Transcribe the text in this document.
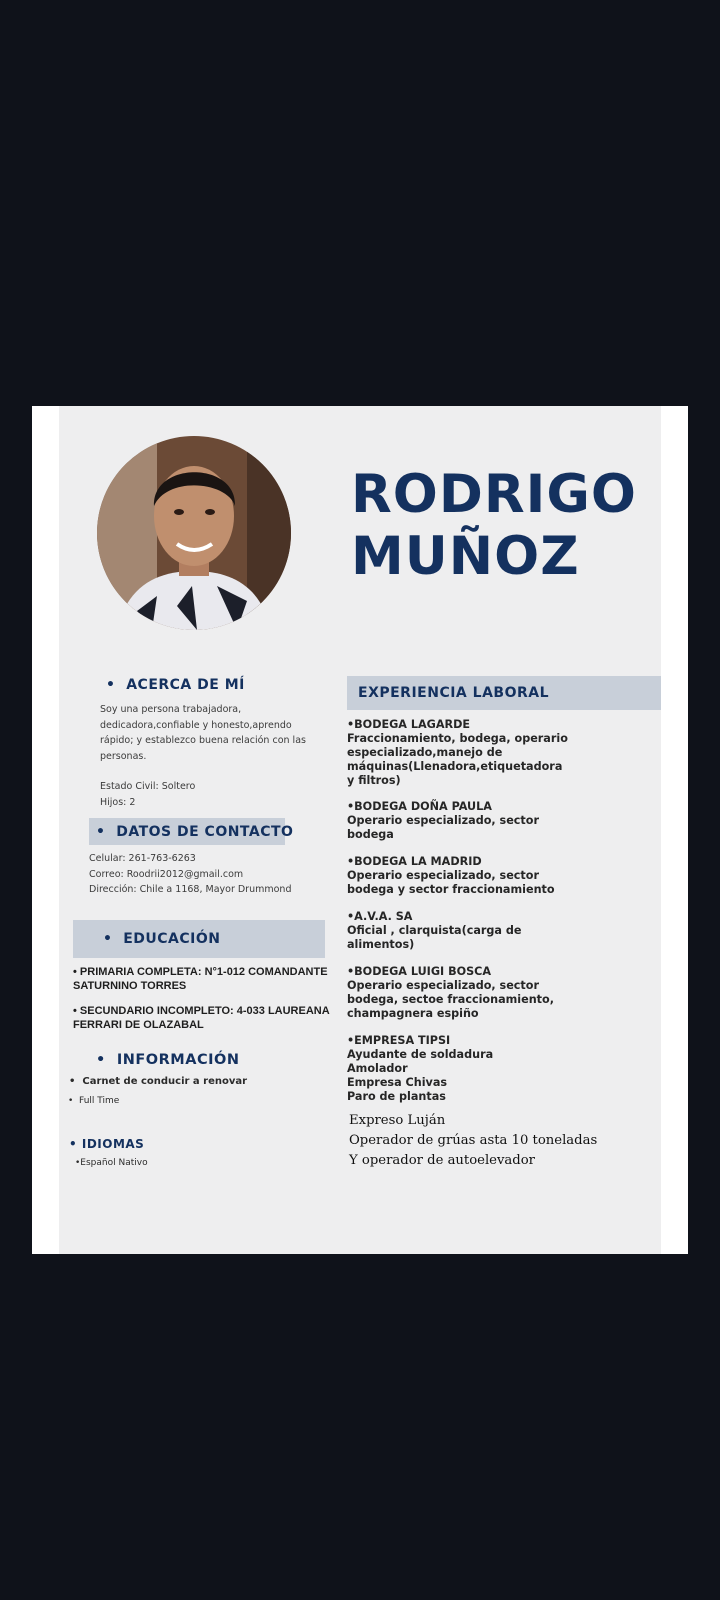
RODRIGO
MUÑOZ
•  ACERCA DE MÍ
Soy una persona trabajadora,
dedicadora,confiable y honesto,aprendo
rápido; y establezco buena relación con las
personas.
Estado Civil: Soltero
Hijos: 2
•  DATOS DE CONTACTO
Celular: 261-763-6263
Correo: Roodrii2012@gmail.com
Dirección: Chile a 1168, Mayor Drummond
•  EDUCACIÓN
• PRIMARIA COMPLETA: N°1-012 COMANDANTE
SATURNINO TORRES
• SECUNDARIO INCOMPLETO: 4-033 LAUREANA
FERRARI DE OLAZABAL
•  INFORMACIÓN
•  Carnet de conducir a renovar
•  Full Time
• IDIOMAS
•Español Nativo
EXPERIENCIA LABORAL
•BODEGA LAGARDE
Fraccionamiento, bodega, operario
especializado,manejo de
máquinas(Llenadora,etiquetadora
y filtros)
•BODEGA DOÑA PAULA
Operario especializado, sector
bodega
•BODEGA LA MADRID
Operario especializado, sector
bodega y sector fraccionamiento
•A.V.A. SA
Oficial , clarquista(carga de
alimentos)
•BODEGA LUIGI BOSCA
Operario especializado, sector
bodega, sectoe fraccionamiento,
champagnera espiño
•EMPRESA TIPSI
Ayudante de soldadura
Amolador
Empresa Chivas
Paro de plantas
Expreso Luján
Operador de grúas asta 10 toneladas
Y operador de autoelevador
